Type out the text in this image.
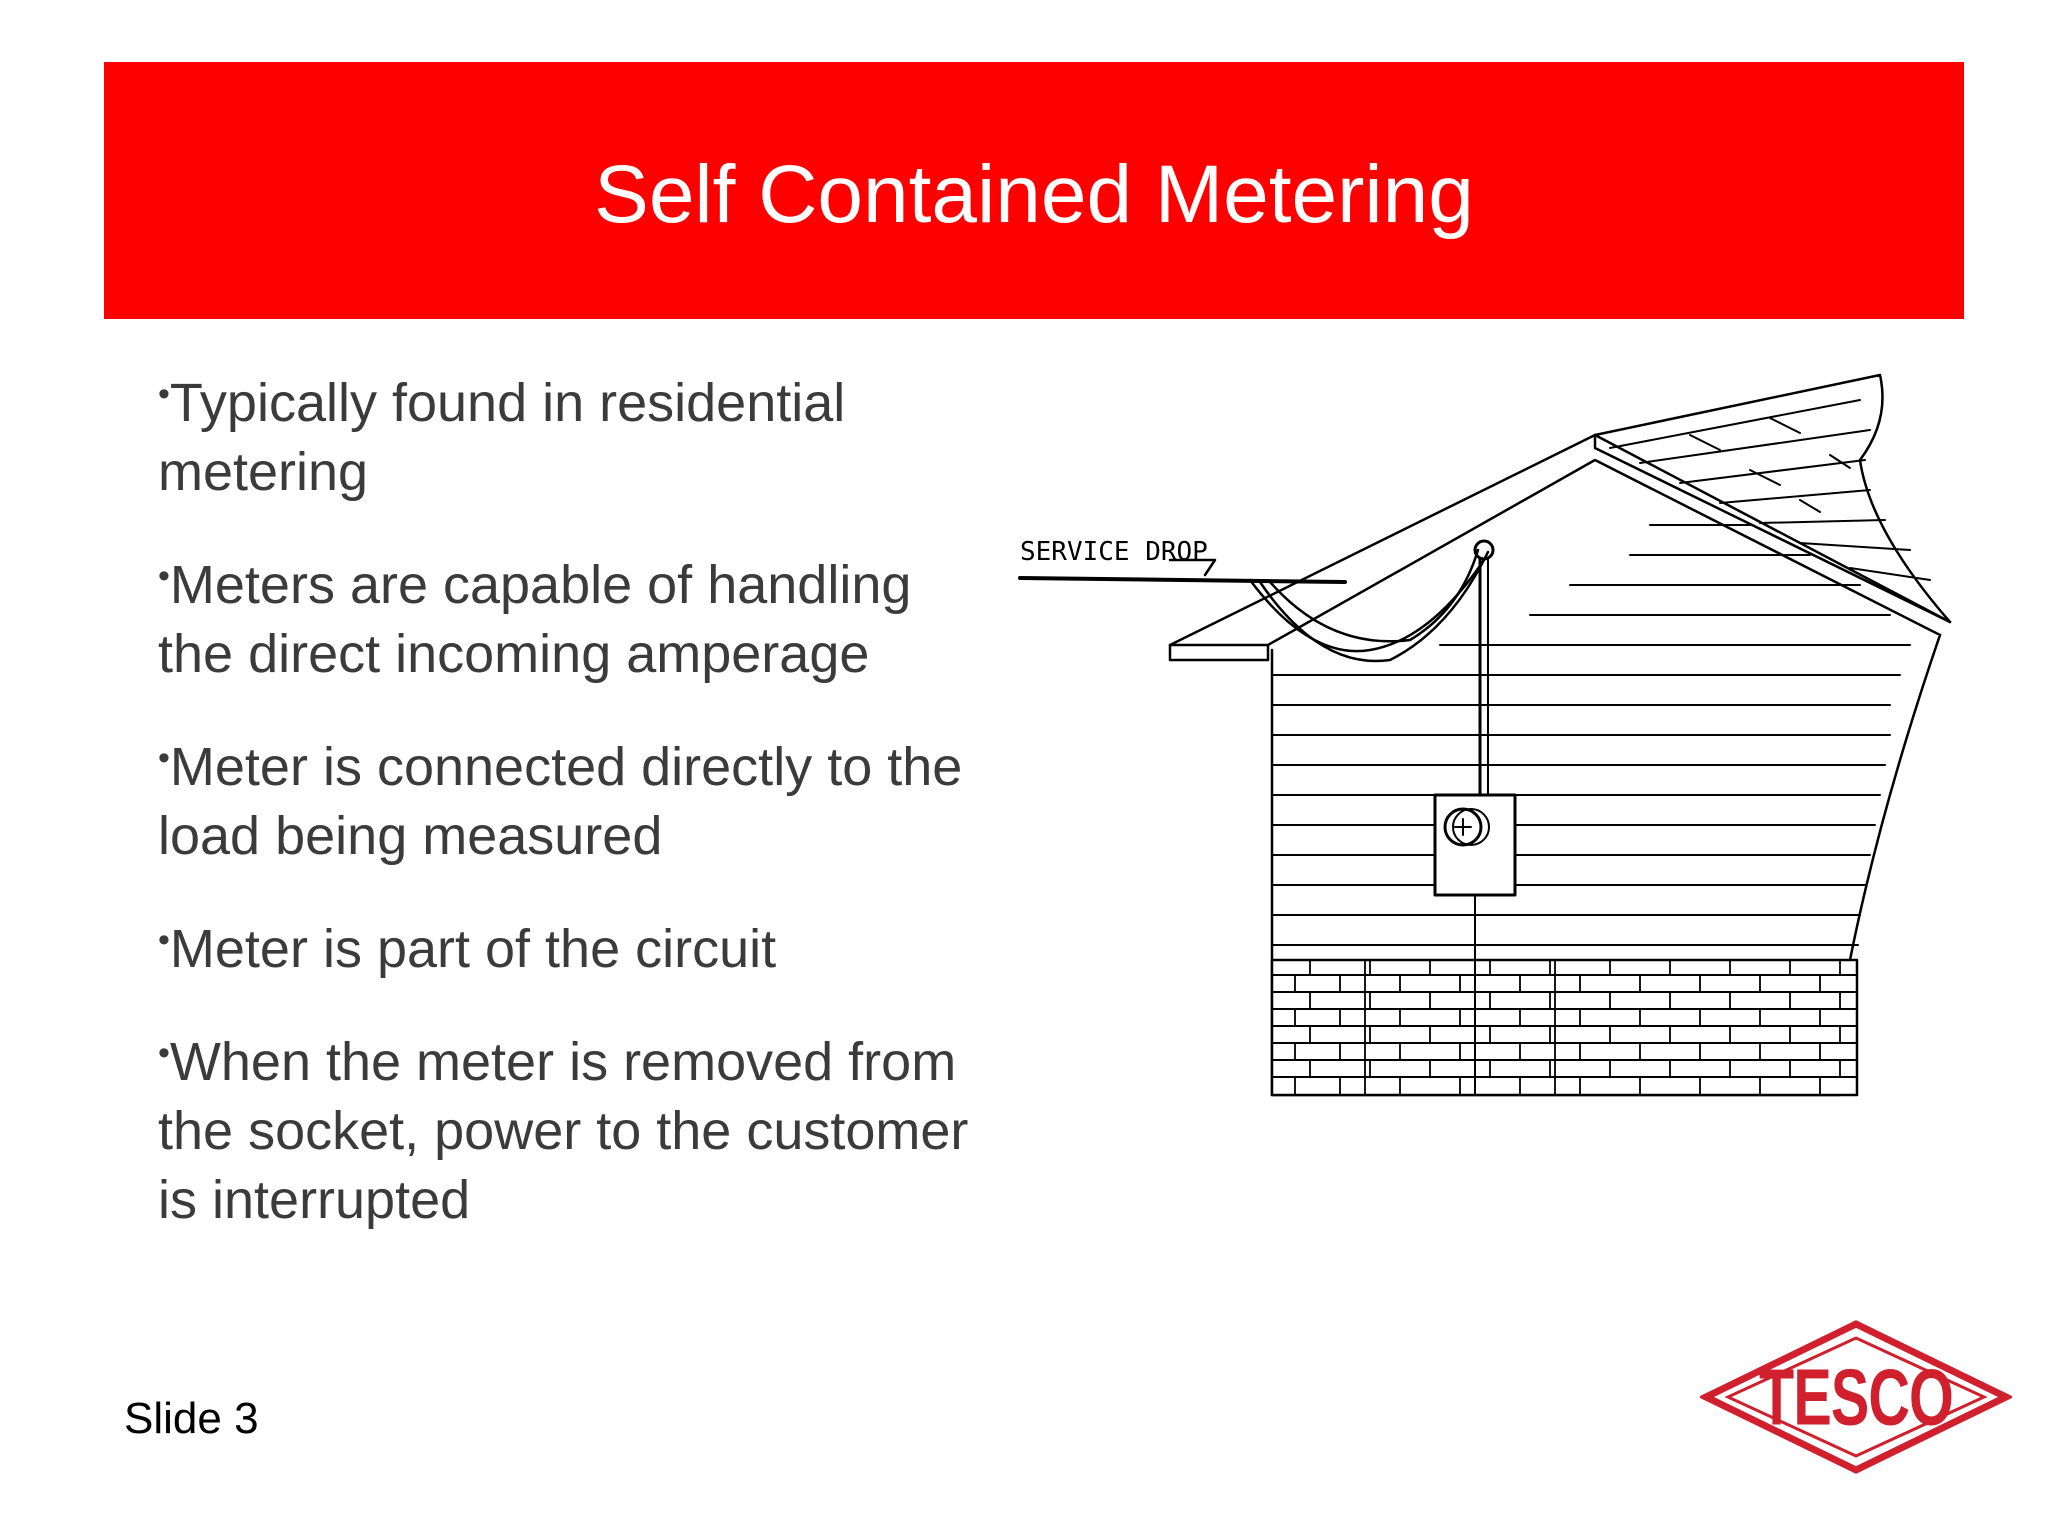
Self Contained Metering
•Typically found in residential metering
•Meters are capable of handling the direct incoming amperage
•Meter is connected directly to the load being measured
•Meter is part of the circuit
•When the meter is removed from the socket, power to the customer is interrupted
SERVICE DROP
Slide 3	TESCO
